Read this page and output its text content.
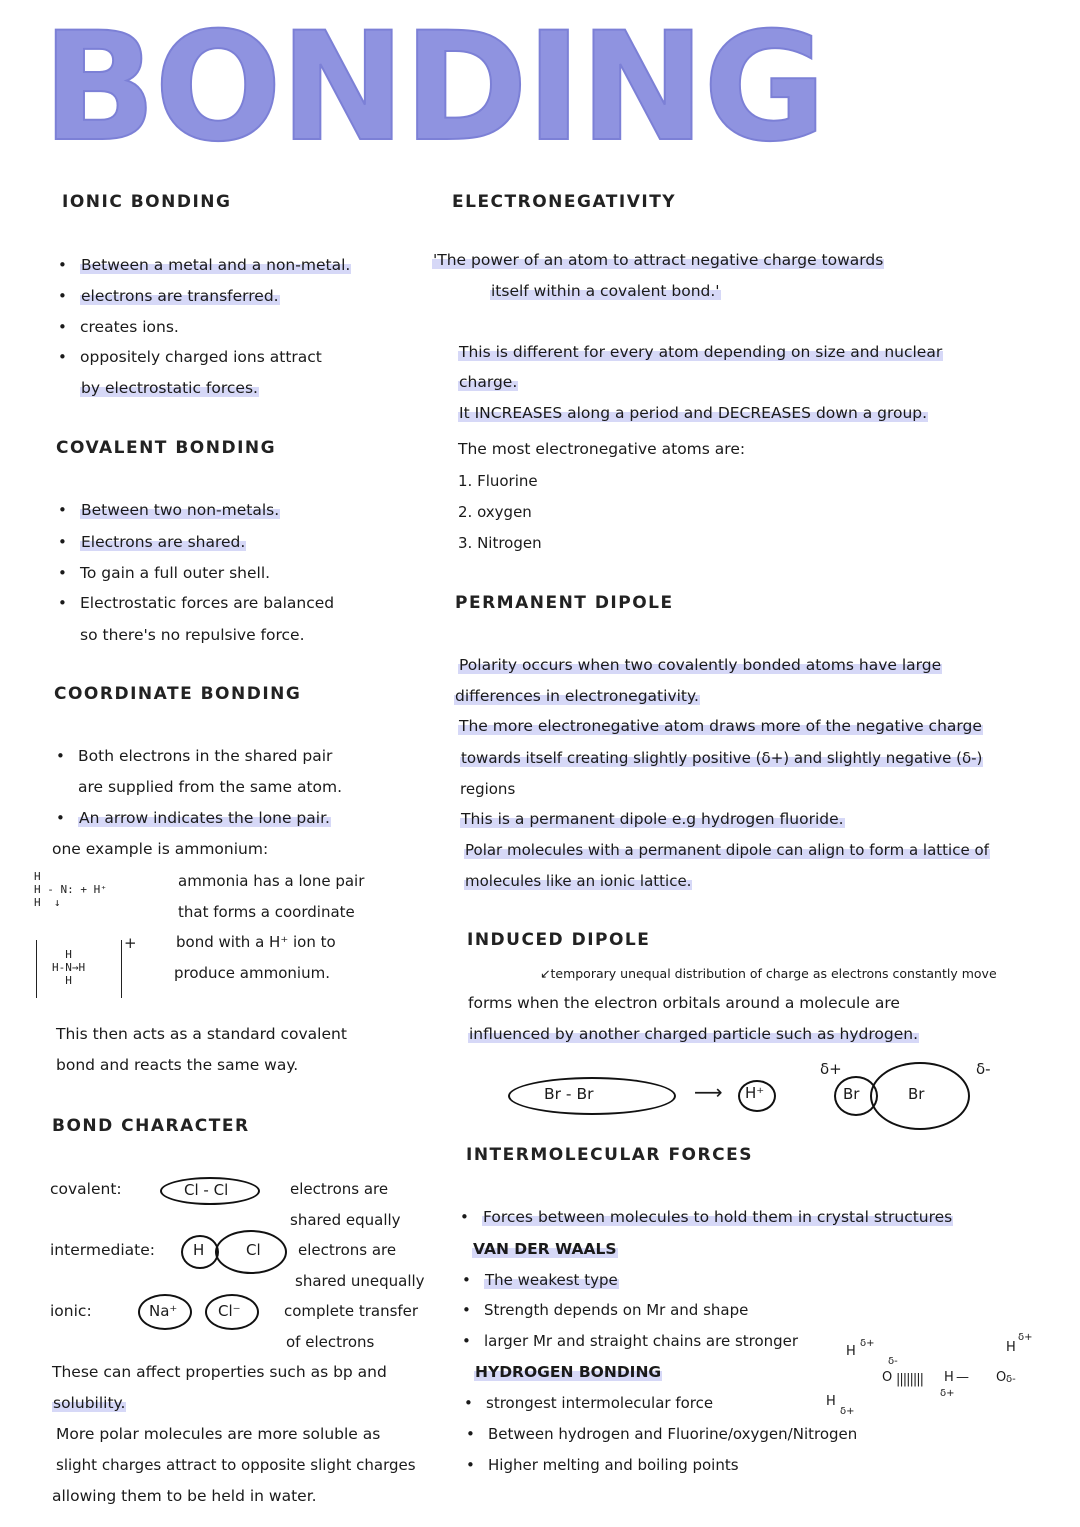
BONDING
IONIC BONDING
• Between a metal and a non-metal.
• electrons are transferred.
• creates ions.
• oppositely charged ions attract
by electrostatic forces.
COVALENT BONDING
• Between two non-metals.
• Electrons are shared.
• To gain a full outer shell.
• Electrostatic forces are balanced
so there's no repulsive force.
COORDINATE BONDING
• Both electrons in the shared pair
are supplied from the same atom.
• An arrow indicates the lone pair.
one example is ammonium:
H
H - N: + H⁺
H  ↓
H
H-N→H
H
+
ammonia has a lone pair
that forms a coordinate
bond with a H⁺ ion to
produce ammonium.
This then acts as a standard covalent
bond and reacts the same way.
BOND CHARACTER
covalent:	Cl - Cl	electrons are
shared equally
intermediate:	H	Cl electrons are
shared unequally
ionic:	Na⁺	Cl⁻	complete transfer
of electrons
These can affect properties such as bp and
solubility.
More polar molecules are more soluble as
slight charges attract to opposite slight charges
allowing them to be held in water.
ELECTRONEGATIVITY
'The power of an atom to attract negative charge towards
itself within a covalent bond.'
This is different for every atom depending on size and nuclear
charge.
It INCREASES along a period and DECREASES down a group.
The most electronegative atoms are:
1. Fluorine
2. oxygen
3. Nitrogen
PERMANENT DIPOLE
Polarity occurs when two covalently bonded atoms have large
differences in electronegativity.
The more electronegative atom draws more of the negative charge
towards itself creating slightly positive (δ+) and slightly negative (δ-)
regions
This is a permanent dipole e.g hydrogen fluoride.
Polar molecules with a permanent dipole can align to form a lattice of
molecules like an ionic lattice.
INDUCED DIPOLE
↙temporary unequal distribution of charge as electrons constantly move
forms when the electron orbitals around a molecule are
influenced by another charged particle such as hydrogen.
Br - Br	⟶ H⁺	Br	Br
δ+	δ-
INTERMOLECULAR FORCES
• Forces between molecules to hold them in crystal structures
VAN DER WAALS
• The weakest type
• Strength depends on Mr and shape
• larger Mr and straight chains are stronger
HYDROGEN BONDING
• strongest intermolecular force
• Between hydrogen and Fluorine/oxygen/Nitrogen
• Higher melting and boiling points
H
δ+
O
δ-
H
δ+
|||||||| H
δ+
— O δ-
H
δ+
